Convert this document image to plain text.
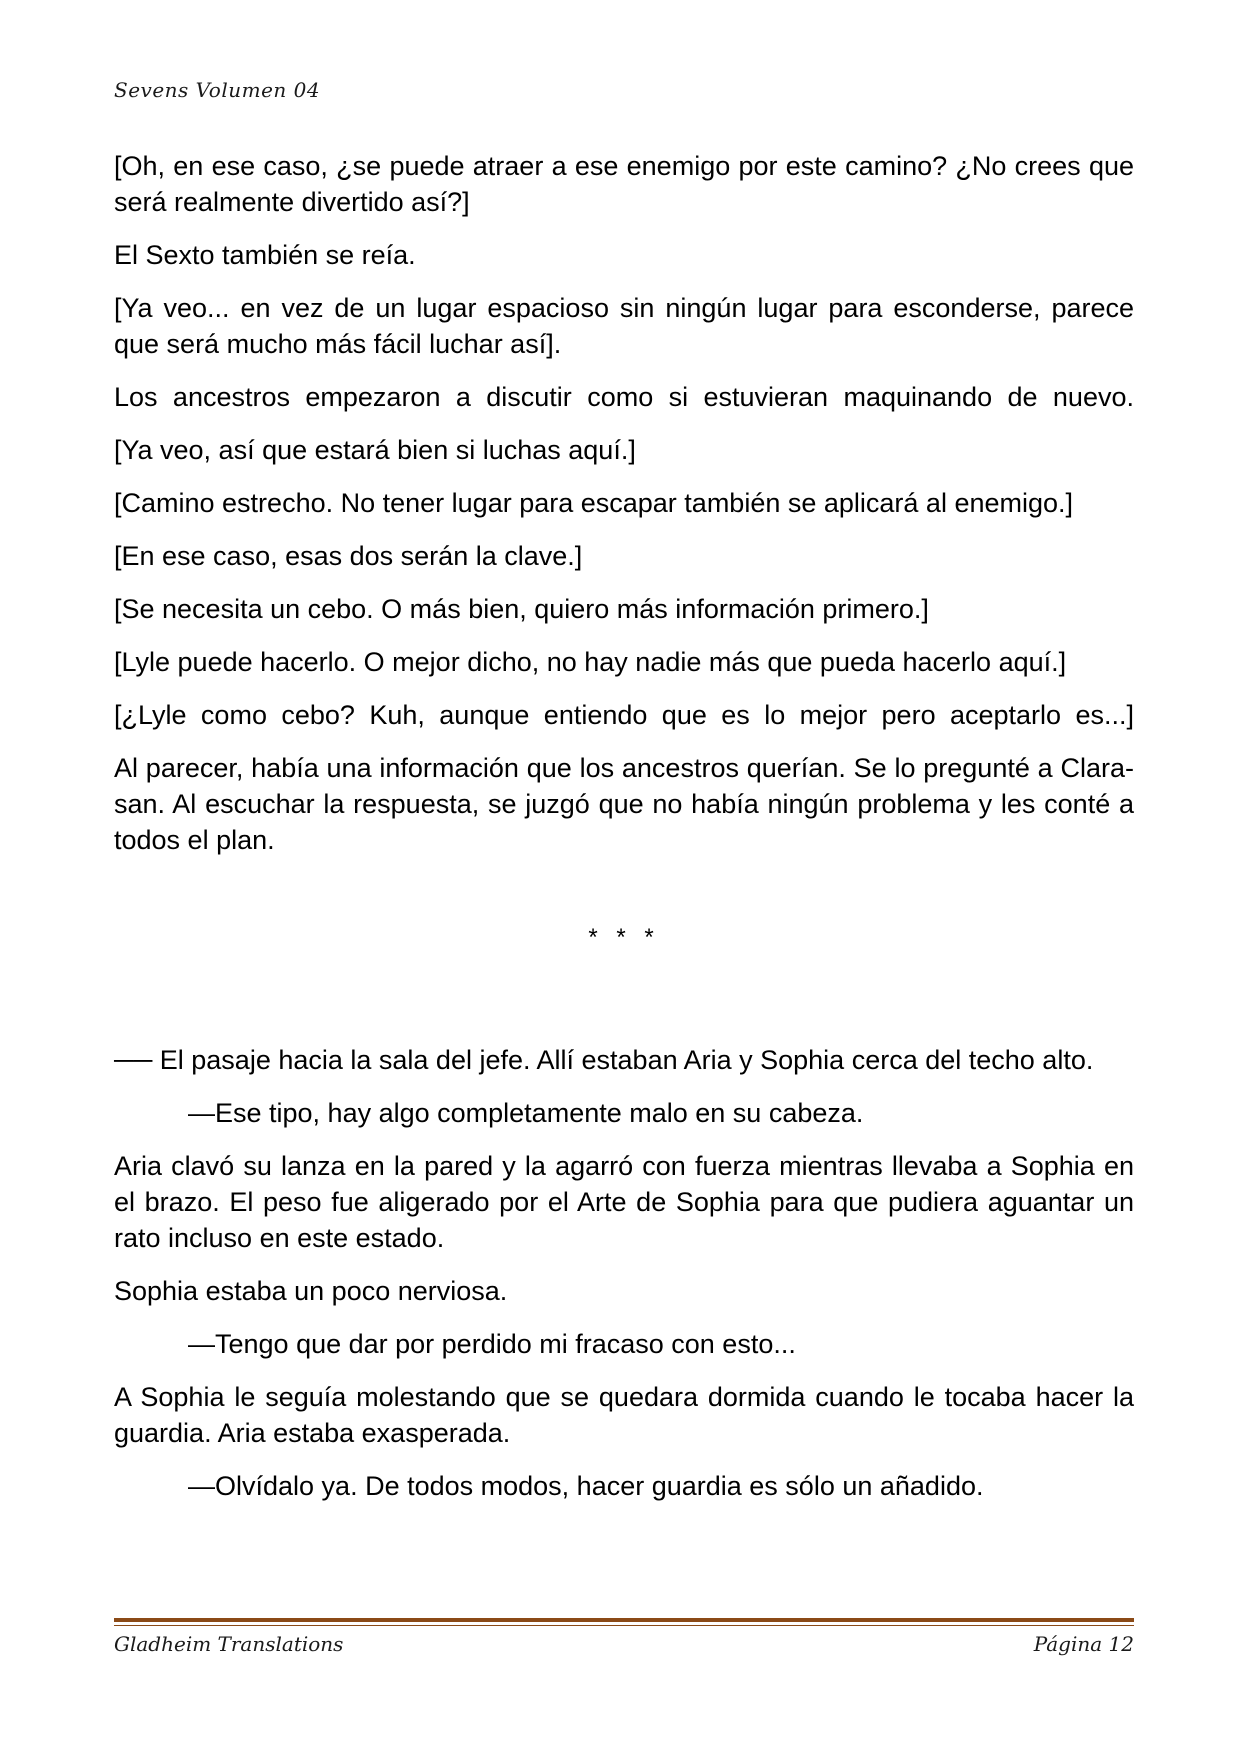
Sevens Volumen 04

[Oh, en ese caso, ¿se puede atraer a ese enemigo por este camino? ¿No crees que será realmente divertido así?]

El Sexto también se reía.

[Ya veo... en vez de un lugar espacioso sin ningún lugar para esconderse, parece que será mucho más fácil luchar así].

Los ancestros empezaron a discutir como si estuvieran maquinando de nuevo.

[Ya veo, así que estará bien si luchas aquí.]

[Camino estrecho. No tener lugar para escapar también se aplicará al enemigo.]

[En ese caso, esas dos serán la clave.]

[Se necesita un cebo. O más bien, quiero más información primero.]

[Lyle puede hacerlo. O mejor dicho, no hay nadie más que pueda hacerlo aquí.]

[¿Lyle como cebo? Kuh, aunque entiendo que es lo mejor pero aceptarlo es...]

Al parecer, había una información que los ancestros querían. Se lo pregunté a Clara-san. Al escuchar la respuesta, se juzgó que no había ningún problema y les conté a todos el plan.

* * *

── El pasaje hacia la sala del jefe. Allí estaban Aria y Sophia cerca del techo alto.

—Ese tipo, hay algo completamente malo en su cabeza.

Aria clavó su lanza en la pared y la agarró con fuerza mientras llevaba a Sophia en el brazo. El peso fue aligerado por el Arte de Sophia para que pudiera aguantar un rato incluso en este estado.

Sophia estaba un poco nerviosa.

—Tengo que dar por perdido mi fracaso con esto...

A Sophia le seguía molestando que se quedara dormida cuando le tocaba hacer la guardia. Aria estaba exasperada.

—Olvídalo ya. De todos modos, hacer guardia es sólo un añadido.

Gladheim Translations	Página 12
